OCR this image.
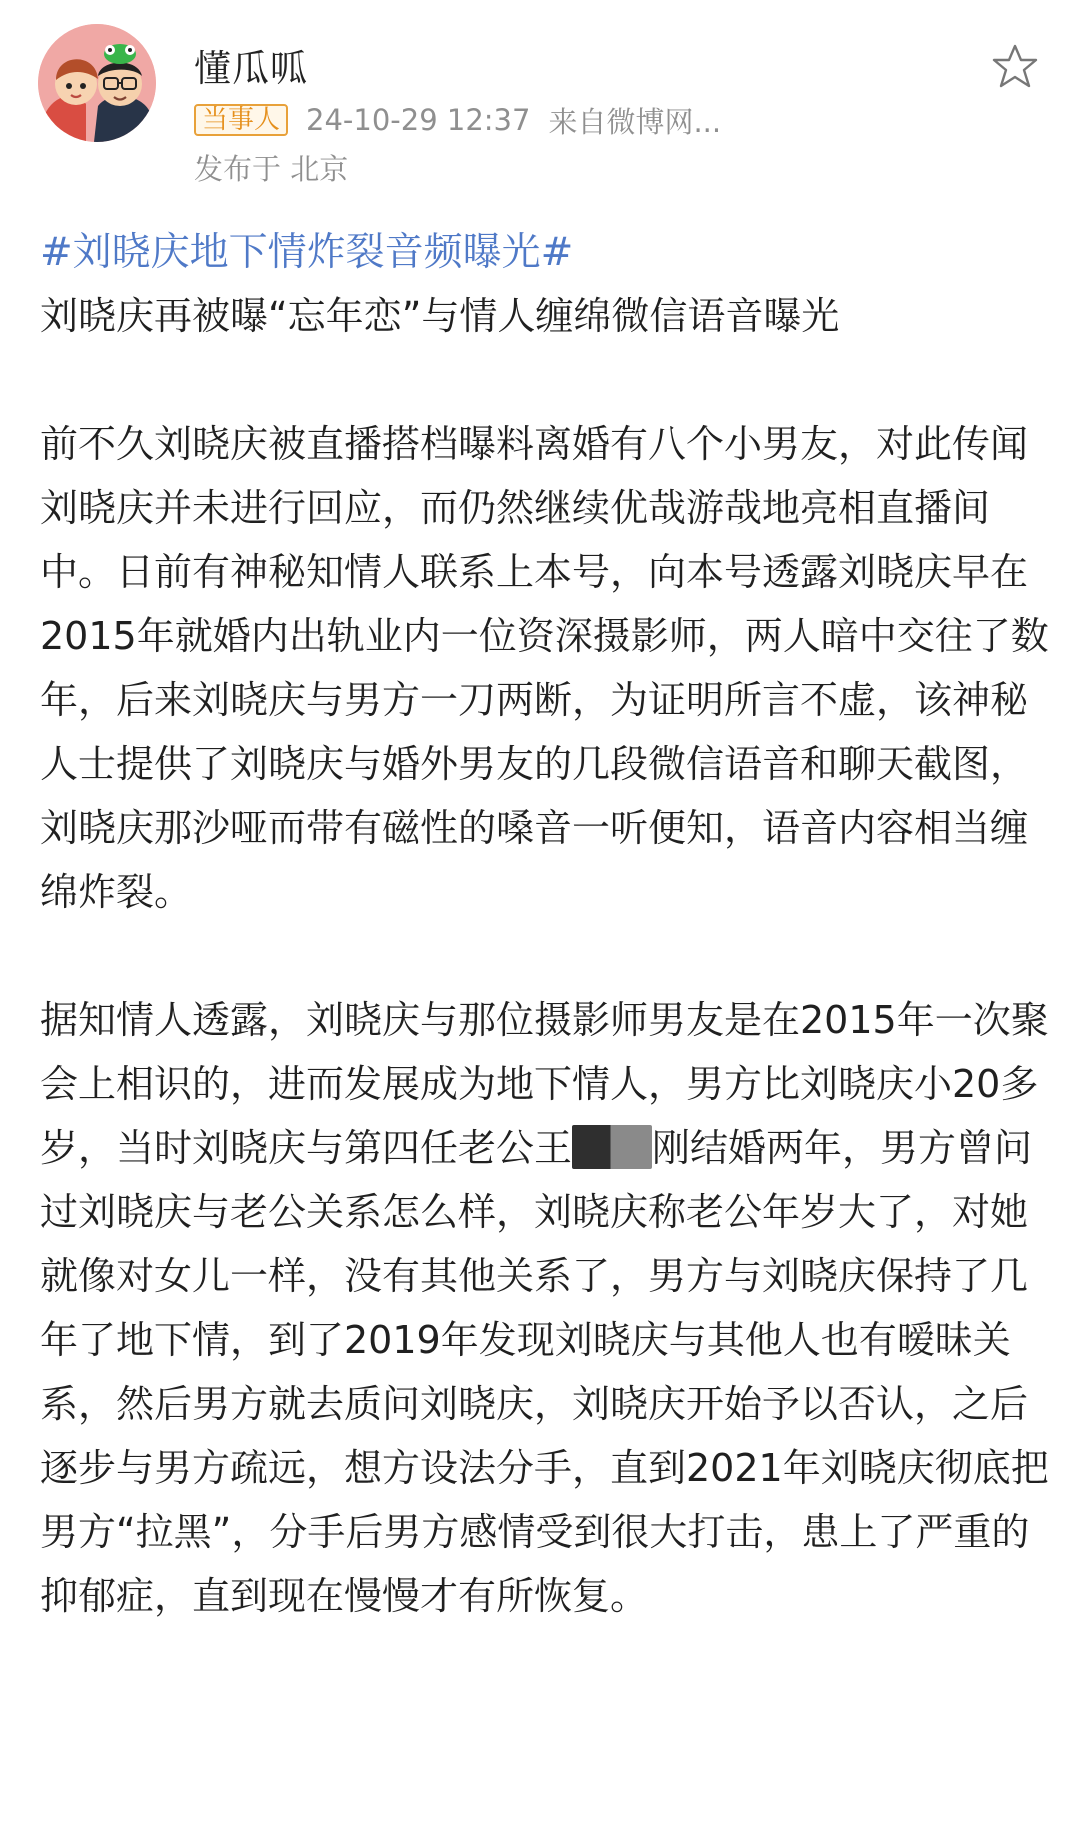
懂瓜呱
当事人 24-10-29 12:37 来自微博网...
发布于 北京
#刘晓庆地下情炸裂音频曝光#

刘晓庆再被曝“忘年恋”与情人缠绵微信语音曝光

前不久刘晓庆被直播搭档曝料离婚有八个小男友，对此传闻刘晓庆并未进行回应，而仍然继续优哉游哉地亮相直播间中。日前有神秘知情人联系上本号，向本号透露刘晓庆早在2015年就婚内出轨业内一位资深摄影师，两人暗中交往了数年，后来刘晓庆与男方一刀两断，为证明所言不虚，该神秘人士提供了刘晓庆与婚外男友的几段微信语音和聊天截图，刘晓庆那沙哑而带有磁性的嗓音一听便知，语音内容相当缠绵炸裂。

据知情人透露，刘晓庆与那位摄影师男友是在2015年一次聚会上相识的，进而发展成为地下情人，男方比刘晓庆小20多岁，当时刘晓庆与第四任老公王 刚结婚两年，男方曾问过刘晓庆与老公关系怎么样，刘晓庆称老公年岁大了，对她就像对女儿一样，没有其他关系了，男方与刘晓庆保持了几年了地下情，到了2019年发现刘晓庆与其他人也有暧昧关系，然后男方就去质问刘晓庆，刘晓庆开始予以否认，之后逐步与男方疏远，想方设法分手，直到2021年刘晓庆彻底把男方“拉黑”，分手后男方感情受到很大打击，患上了严重的抑郁症，直到现在慢慢才有所恢复。
